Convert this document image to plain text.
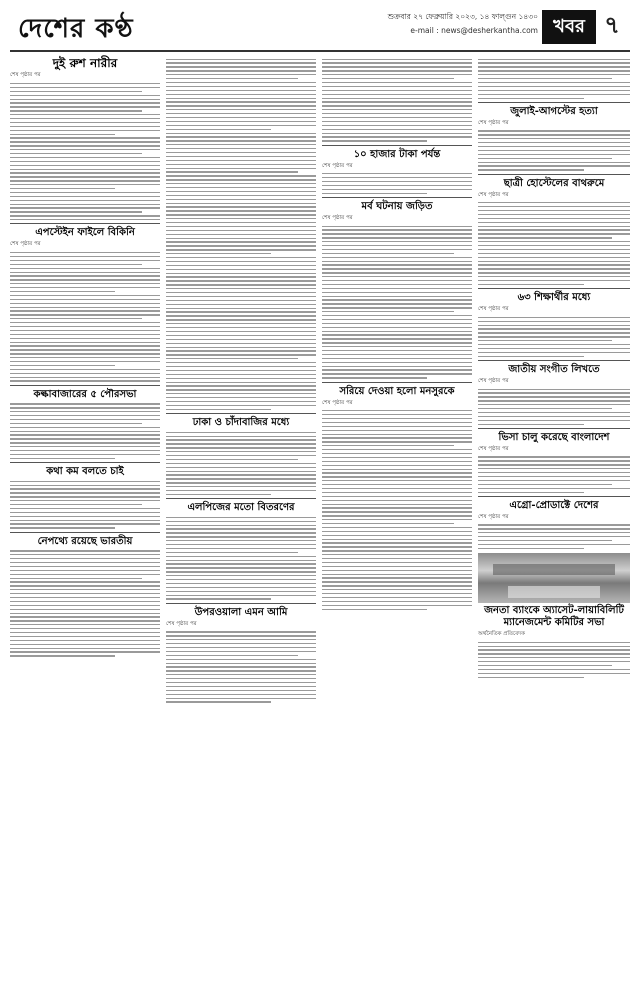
দেশের কণ্ঠ	শুক্রবার ২৭ ফেব্রুয়ারি ২০২৩, ১৪ ফাল্গুন ১৪৩০
e-mail : news@desherkantha.com খবর ৭
দুই রুশ নারীর
শেষ পৃষ্ঠার পর
এপস্টেইন ফাইলে বিকিনি
শেষ পৃষ্ঠার পর
কল্কাবাজারের ৫ পৌরসভা
কথা কম বলতে চাই
নেপথ্যে রয়েছে ভারতীয়
ঢাকা ও চাঁদাবাজির মধ্যে
এলপিজের মতো বিতরণের
উপরওয়ালা এমন আমি
শেষ পৃষ্ঠার পর
১০ হাজার টাকা পর্যন্ত
শেষ পৃষ্ঠার পর
মর্ব ঘটনায় জড়িত
শেষ পৃষ্ঠার পর
সরিয়ে দেওয়া হলো মনসুরকে
শেষ পৃষ্ঠার পর
জুলাই-আগস্টের হত্যা
শেষ পৃষ্ঠার পর
ছাত্রী হোস্টেলের বাথরুমে
শেষ পৃষ্ঠার পর
৬৩ শিক্ষার্থীর মধ্যে
শেষ পৃষ্ঠার পর
জাতীয় সংগীত লিখতে
শেষ পৃষ্ঠার পর
ভিসা চালু করেছে বাংলাদেশ
শেষ পৃষ্ঠার পর
এগ্রো-প্রোডাক্টে দেশের
শেষ পৃষ্ঠার পর
জনতা ব্যাংকে অ্যাসেট-লায়াবিলিটি ম্যানেজমেন্ট কমিটির সভা
অর্থনৈতিক প্রতিবেদক
